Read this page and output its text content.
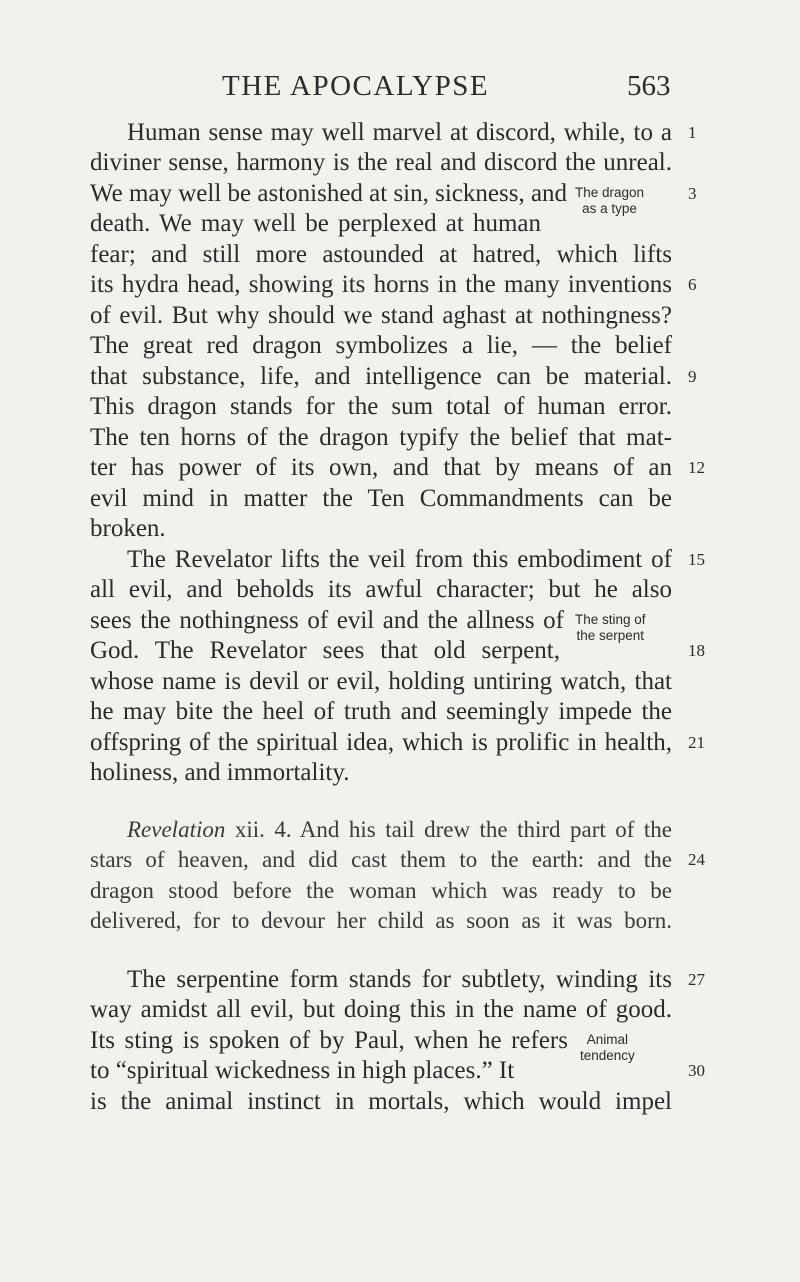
THE APOCALYPSE	563
Human sense may well marvel at discord, while, to a
diviner sense, harmony is the real and discord the unreal.
We may well be astonished at sin, sickness, and
death. We may well be perplexed at human
fear; and still more astounded at hatred, which lifts
its hydra head, showing its horns in the many inventions
of evil. But why should we stand aghast at nothingness?
The great red dragon symbolizes a lie, — the belief
that substance, life, and intelligence can be material.
This dragon stands for the sum total of human error.
The ten horns of the dragon typify the belief that mat-
ter has power of its own, and that by means of an
evil mind in matter the Ten Commandments can be
broken.
The Revelator lifts the veil from this embodiment of
all evil, and beholds its awful character; but he also
sees the nothingness of evil and the allness of
God. The Revelator sees that old serpent,
whose name is devil or evil, holding untiring watch, that
he may bite the heel of truth and seemingly impede the
offspring of the spiritual idea, which is prolific in health,
holiness, and immortality.
Revelation xii. 4. And his tail drew the third part of the
stars of heaven, and did cast them to the earth: and the
dragon stood before the woman which was ready to be
delivered, for to devour her child as soon as it was born.
The serpentine form stands for subtlety, winding its
way amidst all evil, but doing this in the name of good.
Its sting is spoken of by Paul, when he refers
to “spiritual wickedness in high places.” It
is the animal instinct in mortals, which would impel
The dragon
as a type
The sting of
the serpent
Animal
tendency
1
3
6
9
12
15
18
21
24
27
30
